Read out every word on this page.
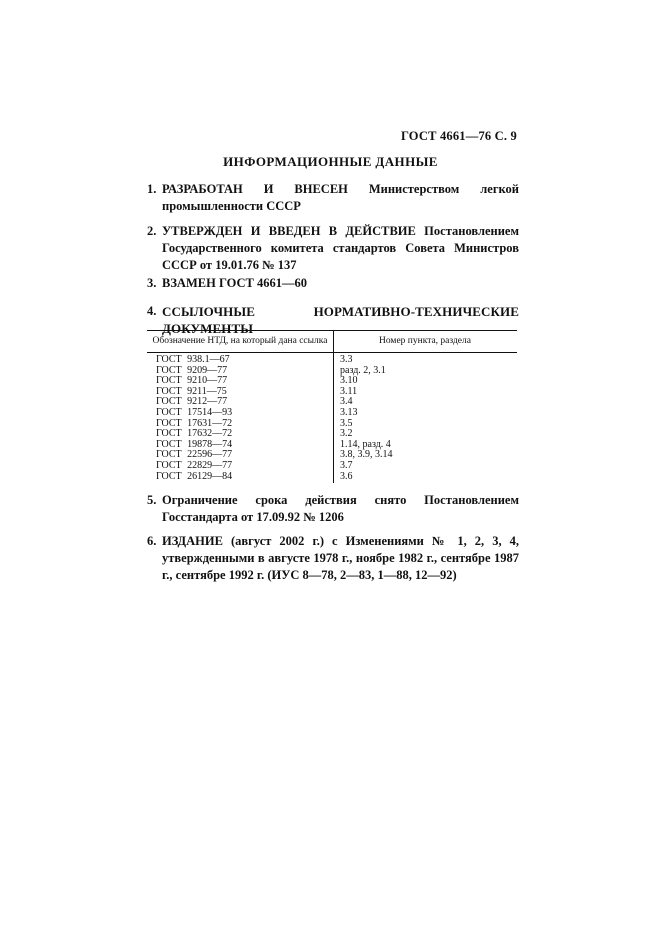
ГОСТ 4661—76 С. 9
ИНФОРМАЦИОННЫЕ ДАННЫЕ
1. РАЗРАБОТАН И ВНЕСЕН Министерством легкой промышленности СССР
2. УТВЕРЖДЕН И ВВЕДЕН В ДЕЙСТВИЕ Постановлением Государственного комитета стандартов Совета Министров СССР от 19.01.76 № 137
3. ВЗАМЕН ГОСТ 4661—60
4. ССЫЛОЧНЫЕ НОРМАТИВНО-ТЕХНИЧЕСКИЕ ДОКУМЕНТЫ
Обозначение НТД, на который дана ссылка	Номер пункта, раздела
ГОСТ 938.1—67	3.3
ГОСТ 9209—77	разд. 2, 3.1
ГОСТ 9210—77	3.10
ГОСТ 9211—75	3.11
ГОСТ 9212—77	3.4
ГОСТ 17514—93	3.13
ГОСТ 17631—72	3.5
ГОСТ 17632—72	3.2
ГОСТ 19878—74	1.14, разд. 4
ГОСТ 22596—77	3.8, 3.9, 3.14
ГОСТ 22829—77	3.7
ГОСТ 26129—84	3.6
5. Ограничение срока действия снято Постановлением Госстандарта от 17.09.92 № 1206
6. ИЗДАНИЕ (август 2002 г.) с Изменениями № 1, 2, 3, 4, утвержденными в августе 1978 г., ноябре 1982 г., сентябре 1987 г., сентябре 1992 г. (ИУС 8—78, 2—83, 1—88, 12—92)
